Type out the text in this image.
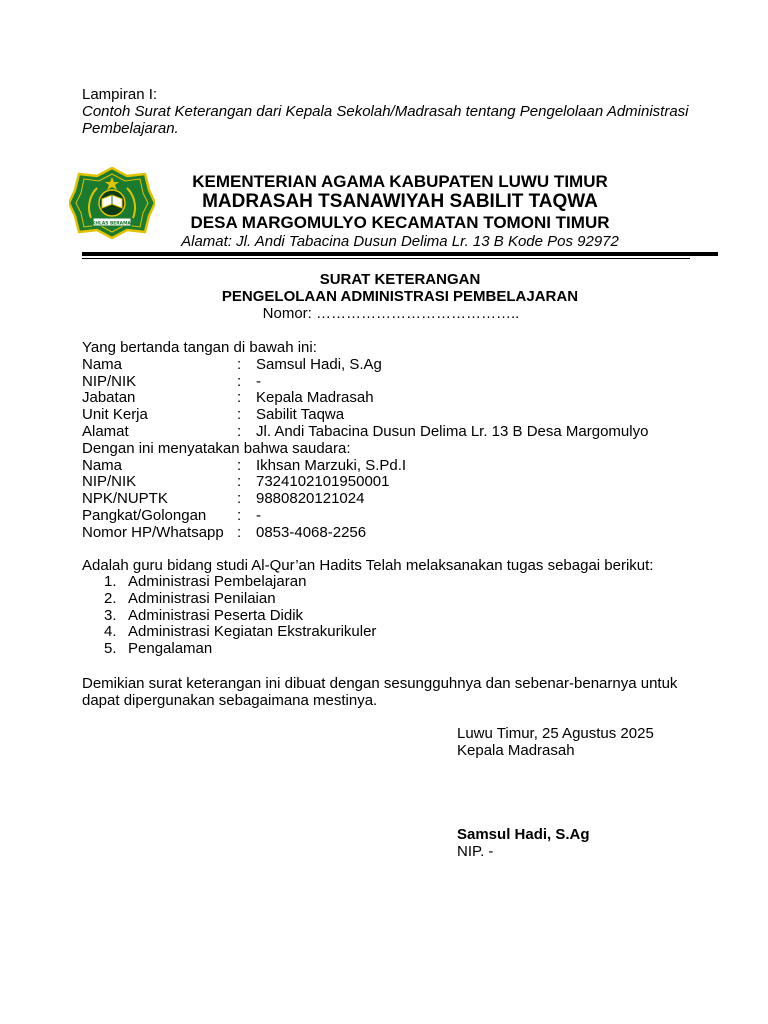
Lampiran I:
Contoh Surat Keterangan dari Kepala Sekolah/Madrasah tentang Pengelolaan Administrasi
Pembelajaran.
IKHLAS BERAMAL
KEMENTERIAN AGAMA KABUPATEN LUWU TIMUR
MADRASAH TSANAWIYAH SABILIT TAQWA
DESA MARGOMULYO KECAMATAN TOMONI TIMUR
Alamat: Jl. Andi Tabacina Dusun Delima Lr. 13 B Kode Pos 92972
SURAT KETERANGAN
PENGELOLAAN ADMINISTRASI PEMBELAJARAN
Nomor: …………………………………..
Yang bertanda tangan di bawah ini:
Nama	: Samsul Hadi, S.Ag
NIP/NIK	: -
Jabatan	: Kepala Madrasah
Unit Kerja	: Sabilit Taqwa
Alamat	: Jl. Andi Tabacina Dusun Delima Lr. 13 B Desa Margomulyo
Dengan ini menyatakan bahwa saudara:
Nama	: Ikhsan Marzuki, S.Pd.I
NIP/NIK	: 7324102101950001
NPK/NUPTK	: 9880820121024
Pangkat/Golongan : -
Nomor HP/Whatsapp : 0853-4068-2256
Adalah guru bidang studi Al-Qur’an Hadits Telah melaksanakan tugas sebagai berikut:
1. Administrasi Pembelajaran
2. Administrasi Penilaian
3. Administrasi Peserta Didik
4. Administrasi Kegiatan Ekstrakurikuler
5. Pengalaman
Demikian surat keterangan ini dibuat dengan sesungguhnya dan sebenar-benarnya untuk
dapat dipergunakan sebagaimana mestinya.
Luwu Timur, 25 Agustus 2025
Kepala Madrasah
Samsul Hadi, S.Ag
NIP. -
